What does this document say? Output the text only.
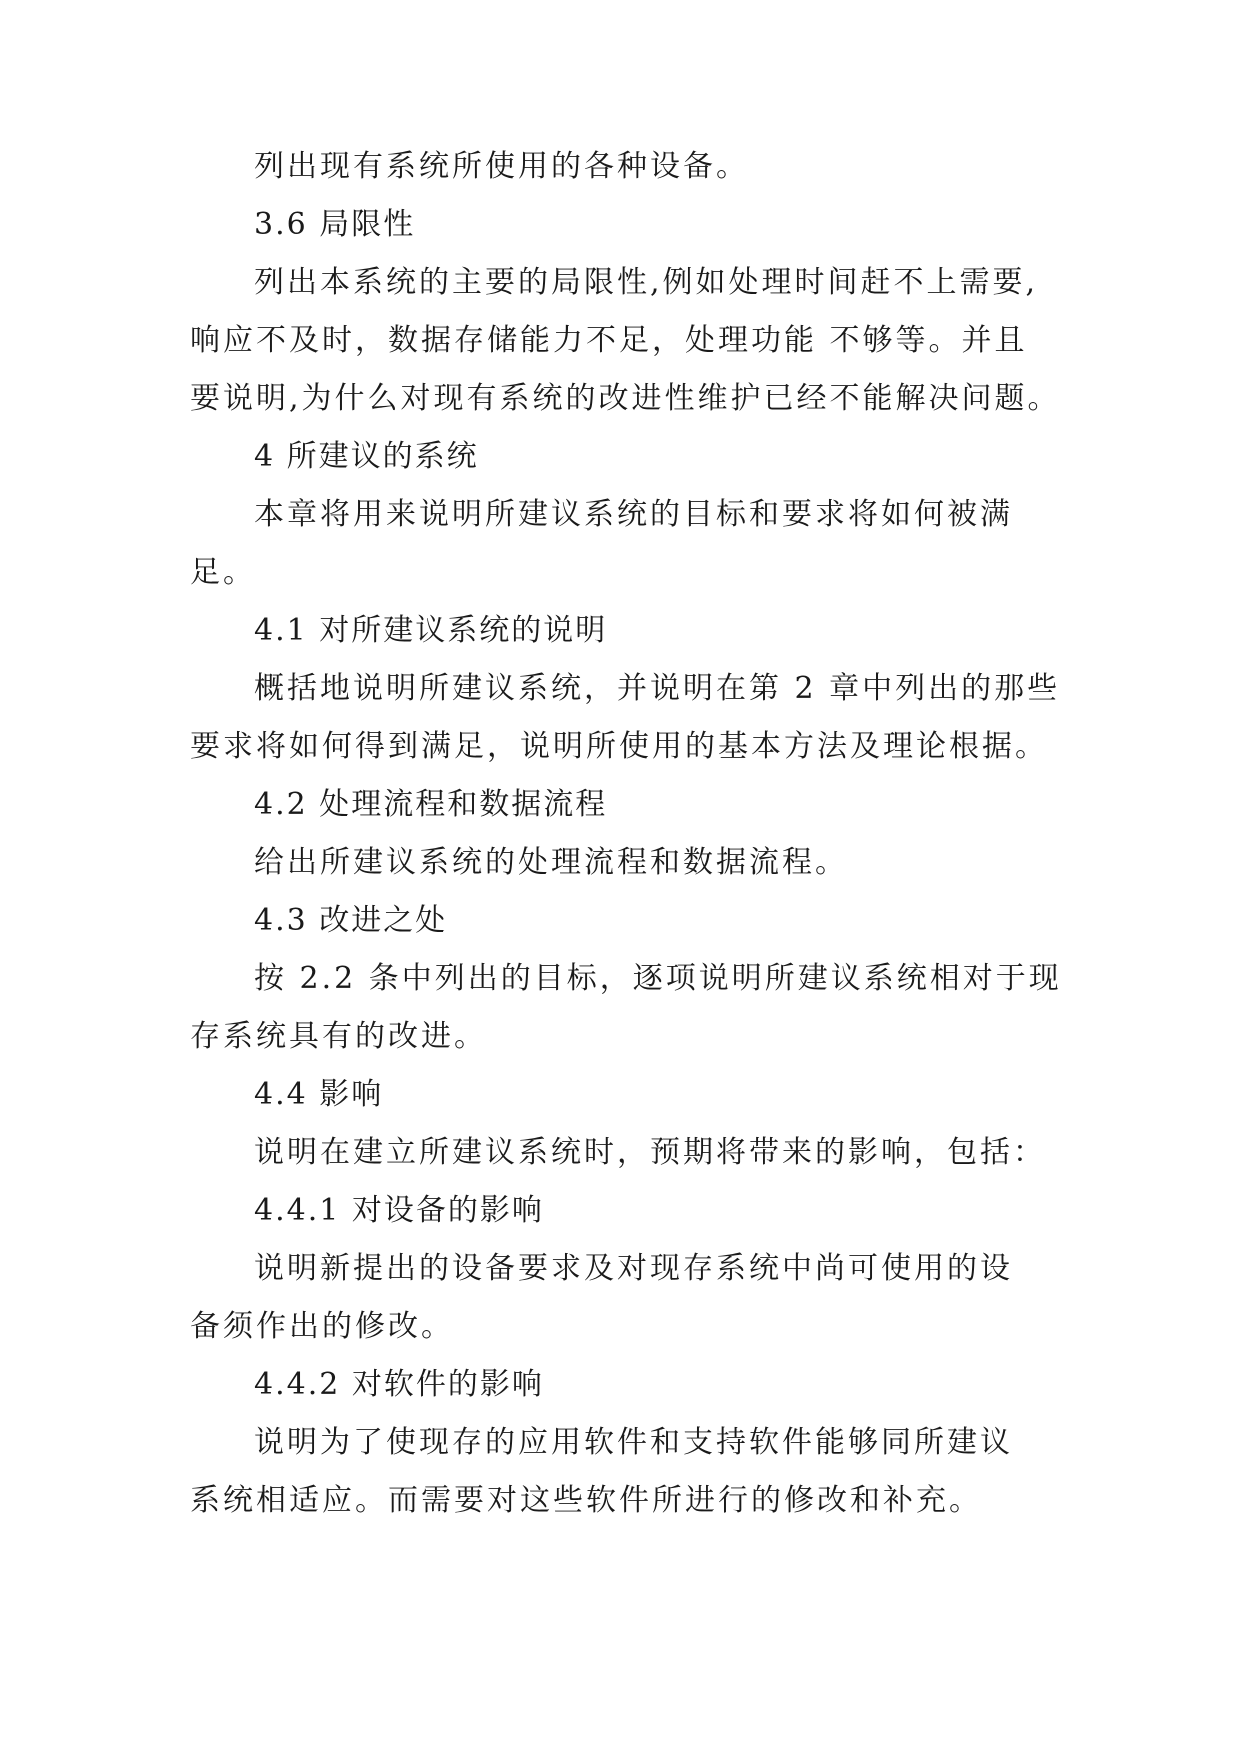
列出现有系统所使用的各种设备。
3.6 局限性
列出本系统的主要的局限性,例如处理时间赶不上需要,
响应不及时，数据存储能力不足，处理功能 不够等。并且
要说明,为什么对现有系统的改进性维护已经不能解决问题。
4 所建议的系统
本章将用来说明所建议系统的目标和要求将如何被满
足。
4.1 对所建议系统的说明
概括地说明所建议系统，并说明在第 2 章中列出的那些
要求将如何得到满足，说明所使用的基本方法及理论根据。
4.2 处理流程和数据流程
给出所建议系统的处理流程和数据流程。
4.3 改进之处
按 2.2 条中列出的目标，逐项说明所建议系统相对于现
存系统具有的改进。
4.4 影响
说明在建立所建议系统时，预期将带来的影响，包括：
4.4.1 对设备的影响
说明新提出的设备要求及对现存系统中尚可使用的设
备须作出的修改。
4.4.2 对软件的影响
说明为了使现存的应用软件和支持软件能够同所建议
系统相适应。而需要对这些软件所进行的修改和补充。
